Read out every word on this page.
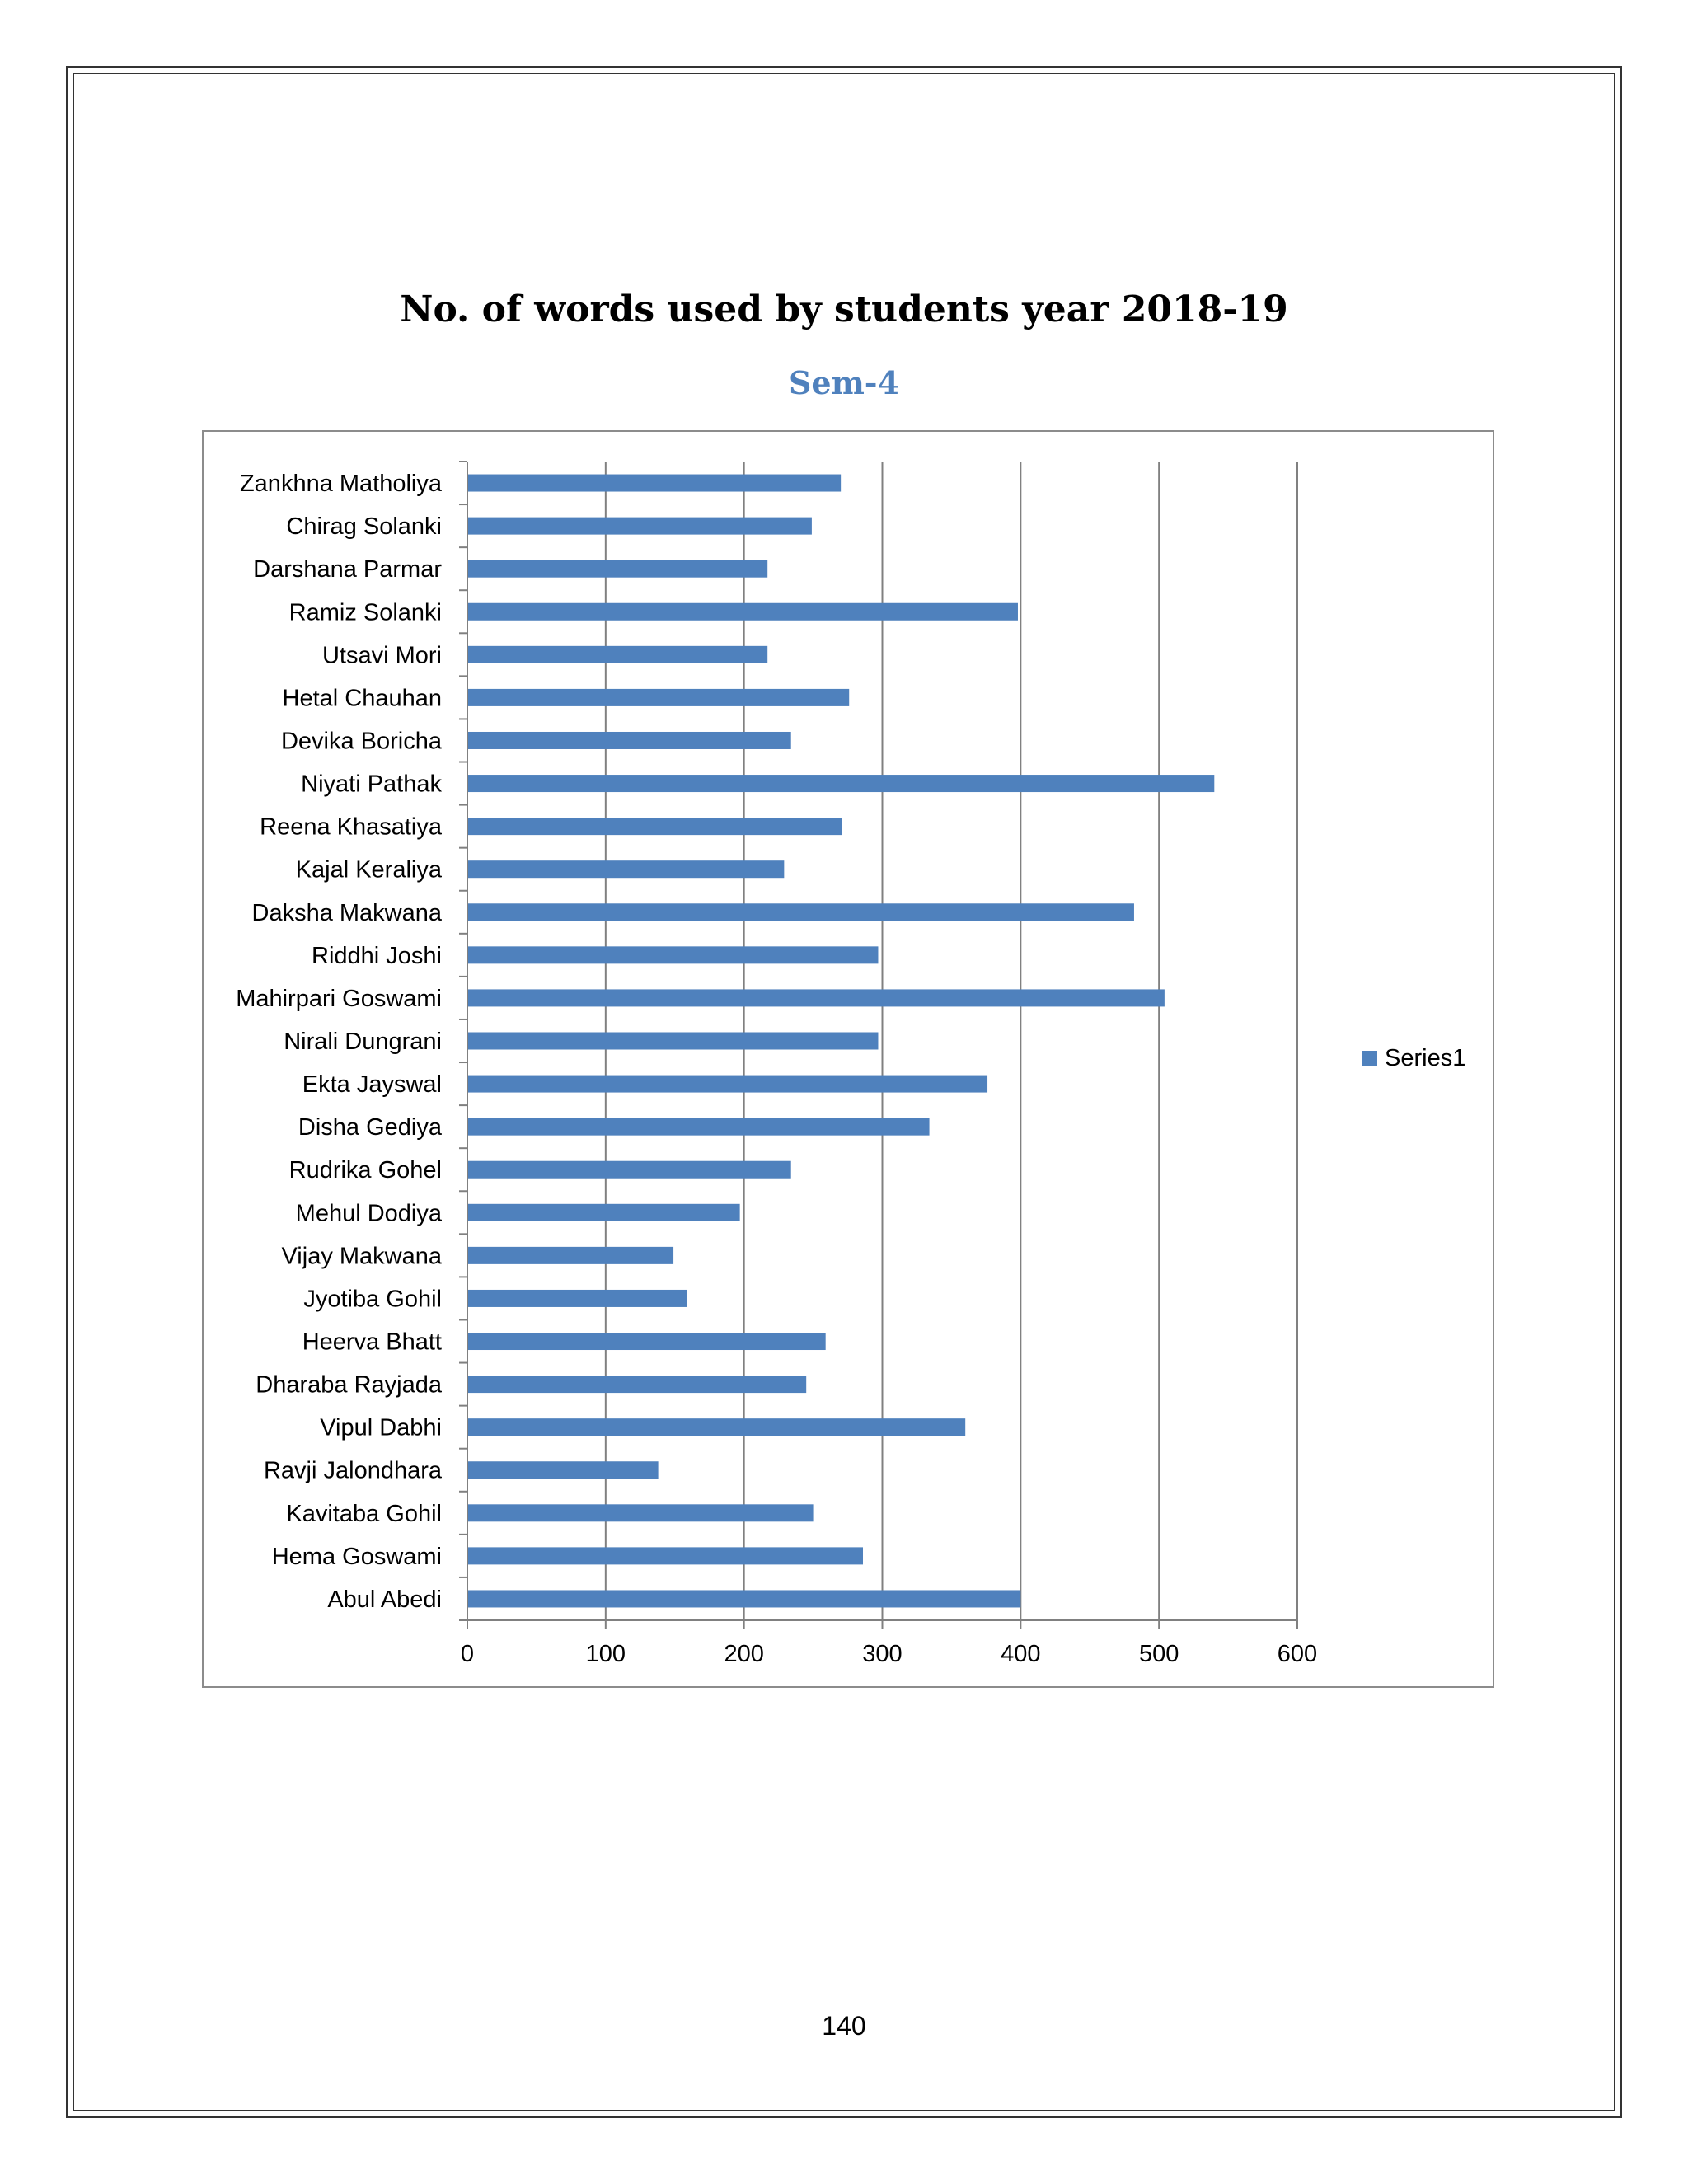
No. of words used by students year 2018-19
Sem-4
Zankhna Matholiya
Chirag Solanki
Darshana Parmar
Ramiz Solanki
Utsavi Mori
Hetal Chauhan
Devika Boricha
Niyati Pathak
Reena Khasatiya
Kajal Keraliya
Daksha Makwana
Riddhi Joshi
Mahirpari Goswami
Nirali Dungrani
Ekta Jayswal
Disha Gediya
Rudrika Gohel
Mehul Dodiya
Vijay Makwana
Jyotiba Gohil
Heerva Bhatt
Dharaba Rayjada
Vipul Dabhi
Ravji Jalondhara
Kavitaba Gohil
Hema Goswami
Abul Abedi
0	100	200	300	400	500	600
Series1
140
